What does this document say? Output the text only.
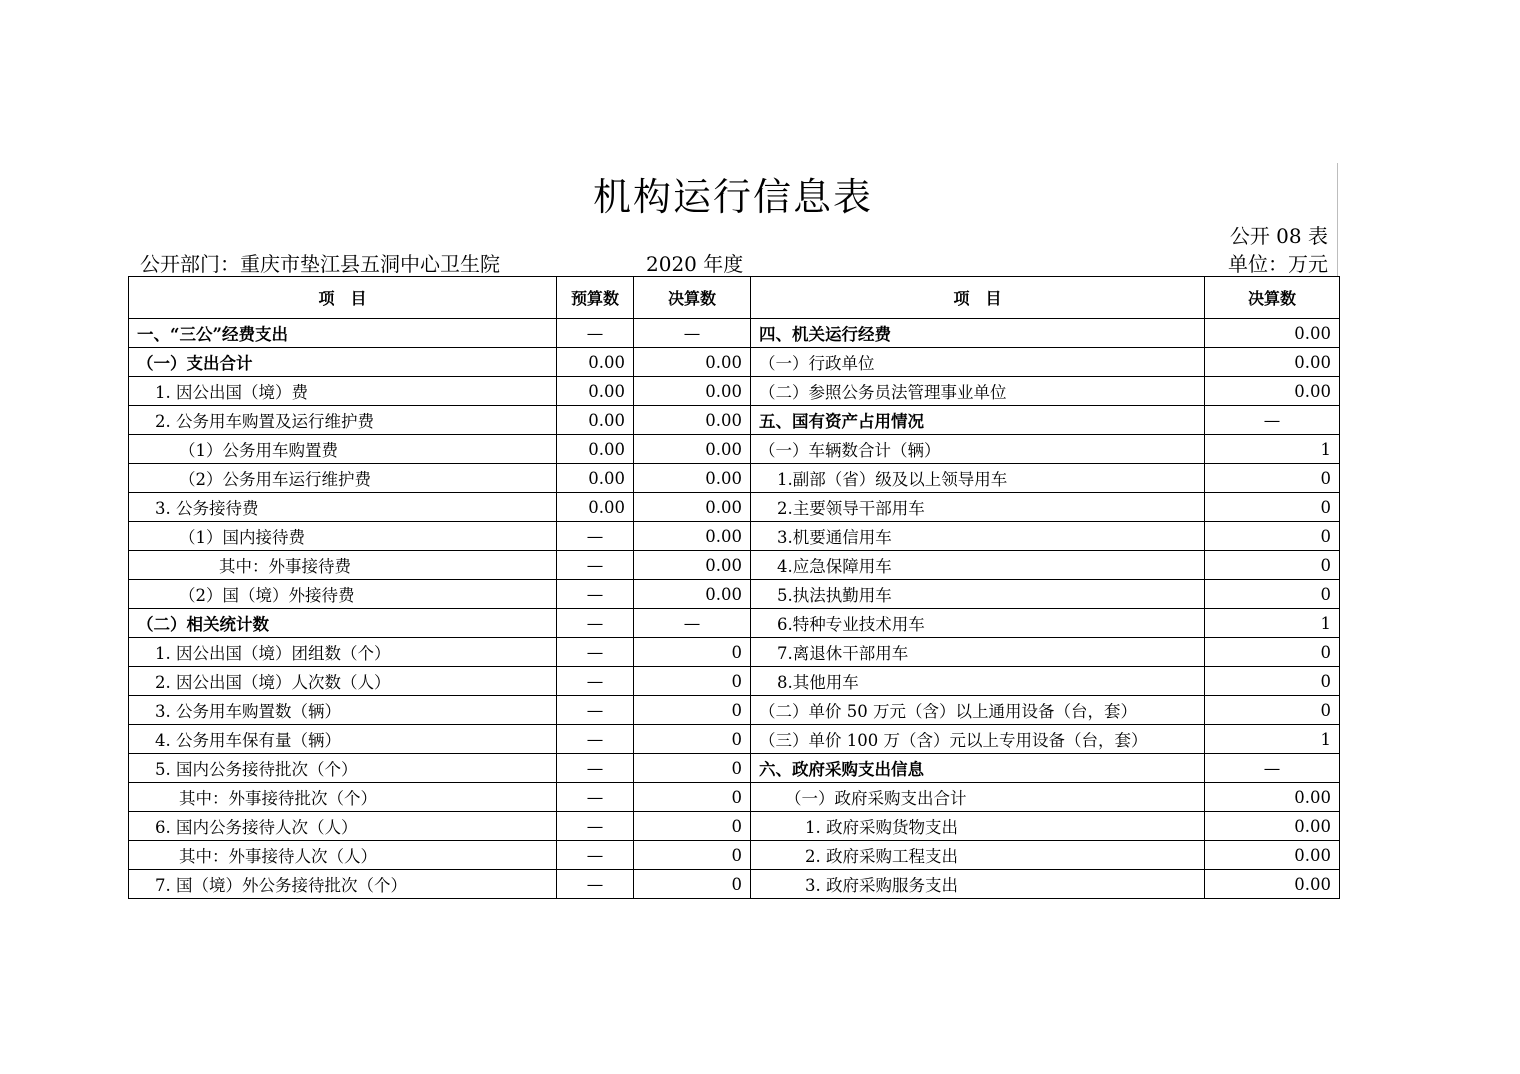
机构运行信息表
公开 08 表
公开部门：重庆市垫江县五洞中心卫生院	2020 年度	单位：万元
项　目	预算数	决算数	项　目	决算数
一、“三公”经费支出	—	—	四、机关运行经费	0.00
（一）支出合计	0.00	0.00	（一）行政单位	0.00
1. 因公出国（境）费	0.00	0.00	（二）参照公务员法管理事业单位	0.00
2. 公务用车购置及运行维护费	0.00	0.00	五、国有资产占用情况	—
（1）公务用车购置费	0.00	0.00	（一）车辆数合计（辆）	1
（2）公务用车运行维护费	0.00	0.00	1.副部（省）级及以上领导用车	0
3. 公务接待费	0.00	0.00	2.主要领导干部用车	0
（1）国内接待费	—	0.00	3.机要通信用车	0
其中：外事接待费	—	0.00	4.应急保障用车	0
（2）国（境）外接待费	—	0.00	5.执法执勤用车	0
（二）相关统计数	—	—	6.特种专业技术用车	1
1. 因公出国（境）团组数（个）	—	0	7.离退休干部用车	0
2. 因公出国（境）人次数（人）	—	0	8.其他用车	0
3. 公务用车购置数（辆）	—	0	（二）单价 50 万元（含）以上通用设备（台，套）	0
4. 公务用车保有量（辆）	—	0	（三）单价 100 万（含）元以上专用设备（台，套）	1
5. 国内公务接待批次（个）	—	0	六、政府采购支出信息	—
其中：外事接待批次（个）	—	0	（一）政府采购支出合计	0.00
6. 国内公务接待人次（人）	—	0	1. 政府采购货物支出	0.00
其中：外事接待人次（人）	—	0	2. 政府采购工程支出	0.00
7. 国（境）外公务接待批次（个）	—	0	3. 政府采购服务支出	0.00
